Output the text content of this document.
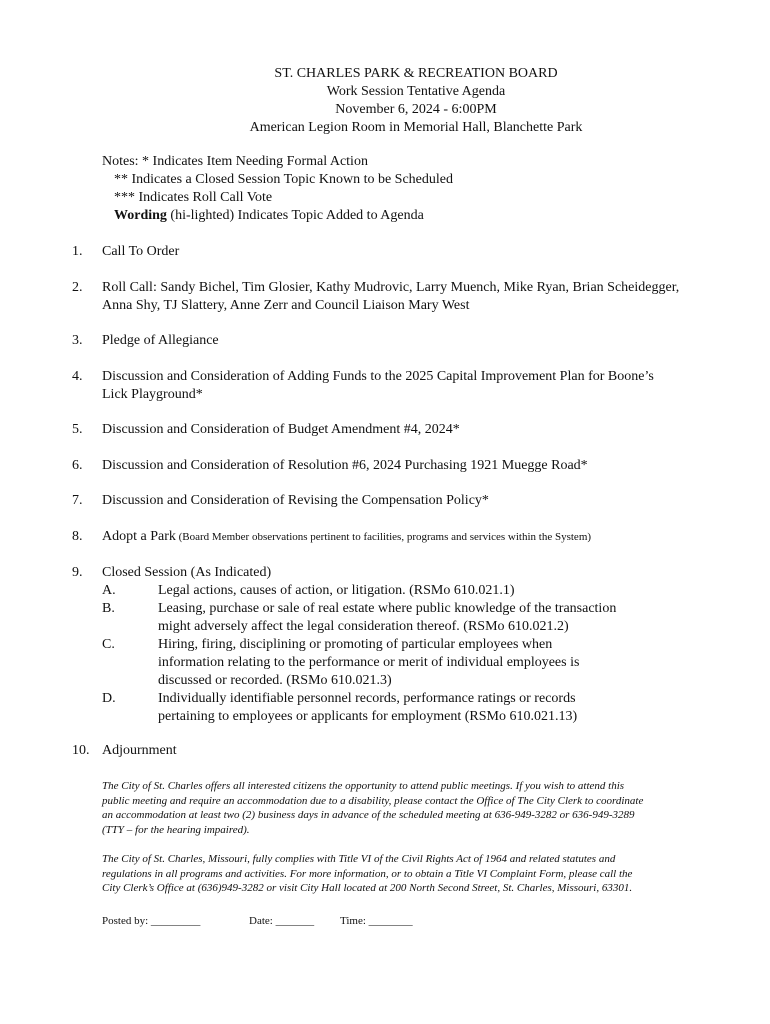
ST. CHARLES PARK & RECREATION BOARD
Work Session Tentative Agenda
November 6, 2024 - 6:00PM
American Legion Room in Memorial Hall, Blanchette Park
Notes: * Indicates Item Needing Formal Action
** Indicates a Closed Session Topic Known to be Scheduled
*** Indicates Roll Call Vote
Wording (hi-lighted) Indicates Topic Added to Agenda
1.	Call To Order
2.	Roll Call: Sandy Bichel, Tim Glosier, Kathy Mudrovic, Larry Muench, Mike Ryan, Brian Scheidegger,
Anna Shy, TJ Slattery, Anne Zerr and Council Liaison Mary West
3.	Pledge of Allegiance
4.	Discussion and Consideration of Adding Funds to the 2025 Capital Improvement Plan for Boone’s
Lick Playground*
5.	Discussion and Consideration of Budget Amendment #4, 2024*
6.	Discussion and Consideration of Resolution #6, 2024 Purchasing 1921 Muegge Road*
7.	Discussion and Consideration of Revising the Compensation Policy*
8.	Adopt a Park (Board Member observations pertinent to facilities, programs and services within the System)
9.	Closed Session (As Indicated)
A.	Legal actions, causes of action, or litigation. (RSMo 610.021.1)
B.	Leasing, purchase or sale of real estate where public knowledge of the transaction
might adversely affect the legal consideration thereof. (RSMo 610.021.2)
C.	Hiring, firing, disciplining or promoting of particular employees when
information relating to the performance or merit of individual employees is
discussed or recorded. (RSMo 610.021.3)
D.	Individually identifiable personnel records, performance ratings or records
pertaining to employees or applicants for employment (RSMo 610.021.13)
10. Adjournment
The City of St. Charles offers all interested citizens the opportunity to attend public meetings. If you wish to attend this
public meeting and require an accommodation due to a disability, please contact the Office of The City Clerk to coordinate
an accommodation at least two (2) business days in advance of the scheduled meeting at 636-949-3282 or 636-949-3289
(TTY – for the hearing impaired).
The City of St. Charles, Missouri, fully complies with Title VI of the Civil Rights Act of 1964 and related statutes and
regulations in all programs and activities. For more information, or to obtain a Title VI Complaint Form, please call the
City Clerk’s Office at (636)949-3282 or visit City Hall located at 200 North Second Street, St. Charles, Missouri, 63301.
Posted by: _________	Date: _______ Time: ________
